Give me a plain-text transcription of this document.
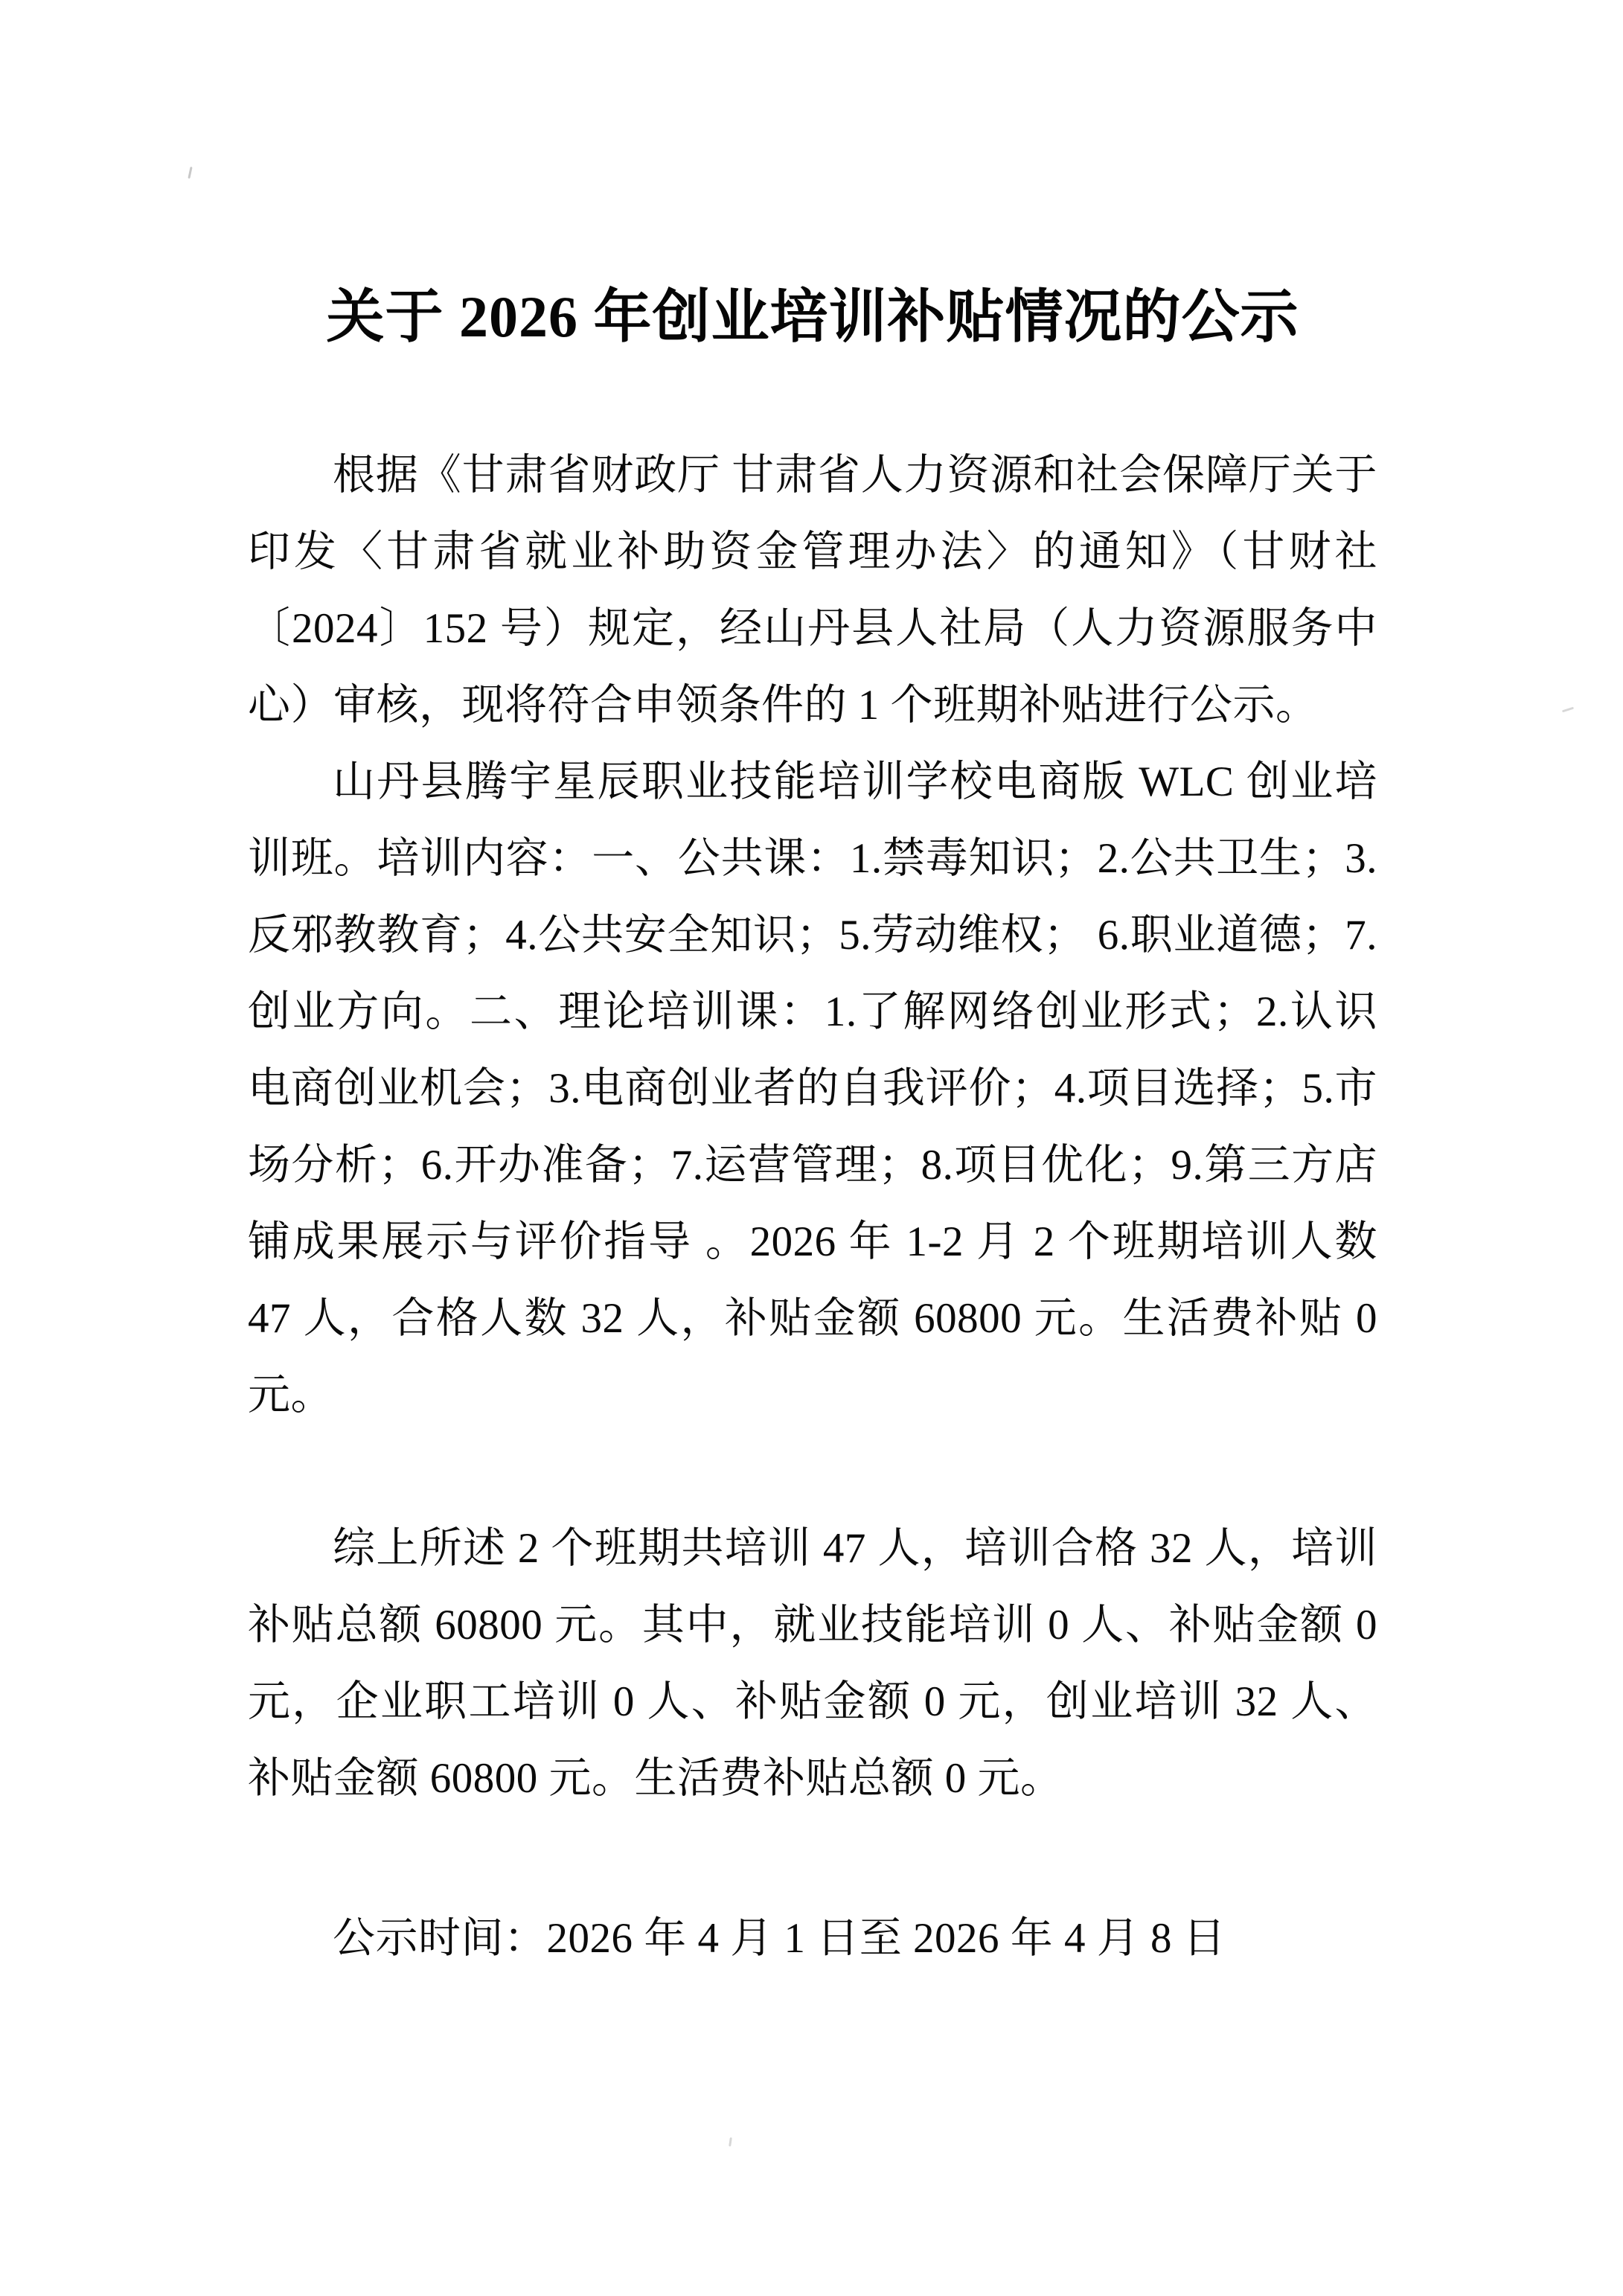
关于 2026 年创业培训补贴情况的公示

根据《甘肃省财政厅 甘肃省人力资源和社会保障厅关于印发〈甘肃省就业补助资金管理办法〉的通知》（甘财社〔2024〕152 号）规定，经山丹县人社局（人力资源服务中心）审核，现将符合申领条件的 1 个班期补贴进行公示。

山丹县腾宇星辰职业技能培训学校电商版 WLC 创业培训班。培训内容：一、公共课：1.禁毒知识；2.公共卫生；3.反邪教教育；4.公共安全知识；5.劳动维权； 6.职业道德；7.创业方向。二、理论培训课：1.了解网络创业形式；2.认识电商创业机会；3.电商创业者的自我评价；4.项目选择；5.市场分析；6.开办准备；7.运营管理；8.项目优化；9.第三方店铺成果展示与评价指导 。2026 年 1-2 月 2 个班期培训人数 47 人，合格人数 32 人，补贴金额 60800 元。生活费补贴 0 元。

综上所述 2 个班期共培训 47 人，培训合格 32 人，培训补贴总额 60800 元。其中，就业技能培训 0 人、补贴金额 0 元，企业职工培训 0 人、补贴金额 0 元，创业培训 32 人、补贴金额 60800 元。生活费补贴总额 0 元。

公示时间：2026 年 4 月 1 日至 2026 年 4 月 8 日
